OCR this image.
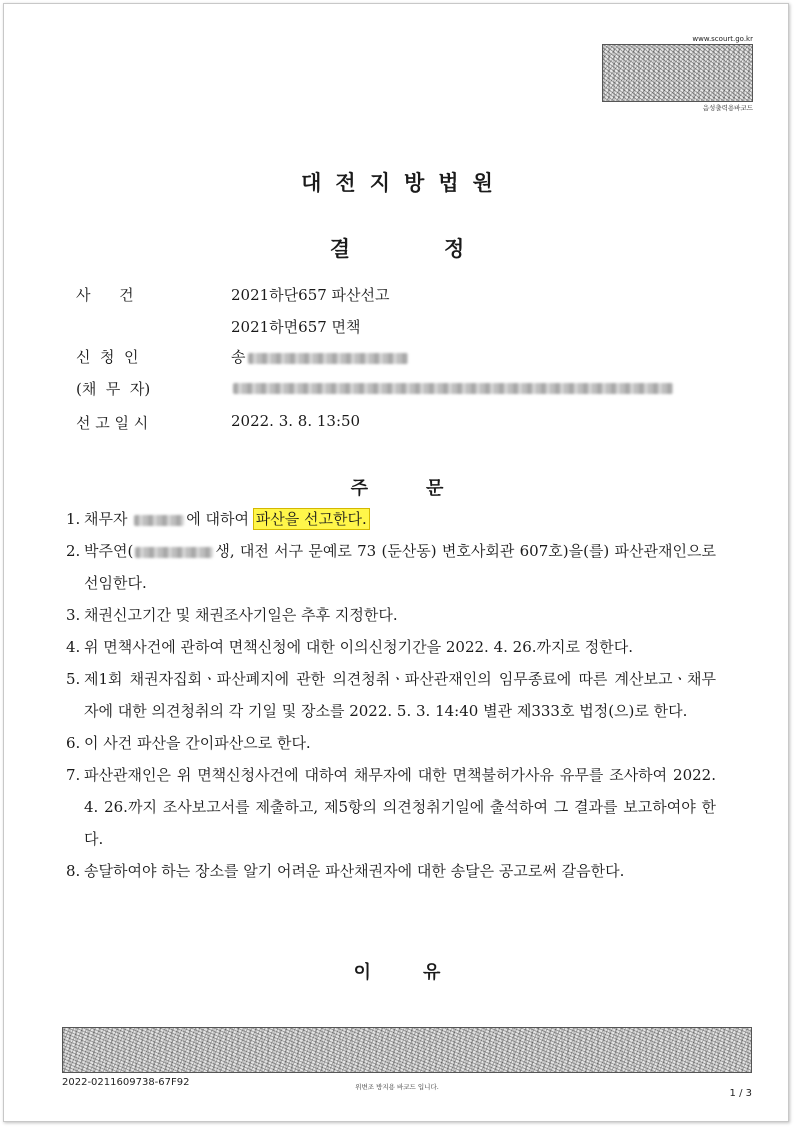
www.scourt.go.kr
음성출력용바코드
대전지방법원
결정
사      건	2021하단657 파산선고
2021하면657 면책
신  청  인	송
(채  무  자)
선 고 일 시	2022. 3. 8. 13:50
주	문
1. 채무자	에 대하여 파산을 선고한다.
2. 박주연(	생, 대전 서구 문예로 73 (둔산동) 변호사회관 607호)을(를) 파산관재인으로 선임한다.
3. 채권신고기간 및 채권조사기일은 추후 지정한다.
4. 위 면책사건에 관하여 면책신청에 대한 이의신청기간을 2022. 4. 26.까지로 정한다.
5. 제1회 채권자집회ㆍ파산폐지에 관한 의견청취ㆍ파산관재인의 임무종료에 따른 계산보고ㆍ채무자에 대한 의견청취의 각 기일 및 장소를 2022. 5. 3. 14:40 별관 제333호 법정(으)로 한다.
6. 이 사건 파산을 간이파산으로 한다.
7. 파산관재인은 위 면책신청사건에 대하여 채무자에 대한 면책불허가사유 유무를 조사하여 2022. 4. 26.까지 조사보고서를 제출하고, 제5항의 의견청취기일에 출석하여 그 결과를 보고하여야 한다.
8. 송달하여야 하는 장소를 알기 어려운 파산채권자에 대한 송달은 공고로써 갈음한다.
이	유
2022-0211609738-67F92	위변조 방지용 바코드 입니다.
1 / 3
